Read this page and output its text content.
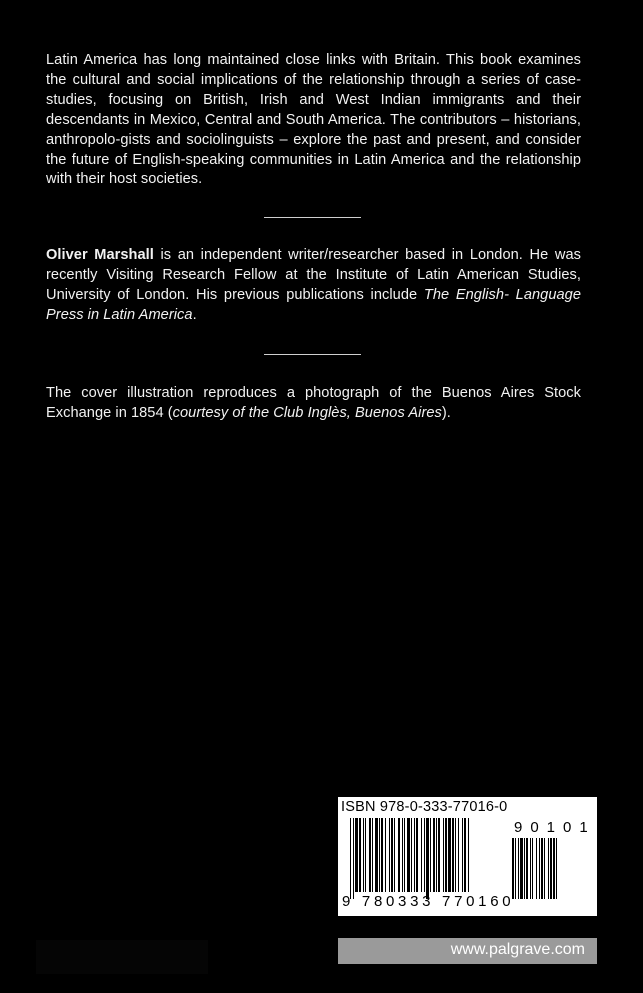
Latin America has long maintained close links with Britain. This book examines the cultural and social implications of the relationship through a series of case-studies, focusing on British, Irish and West Indian immigrants and their descendants in Mexico, Central and South America. The contributors – historians, anthropolo-gists and sociolinguists – explore the past and present, and consider the future of English-speaking communities in Latin America and the relationship with their host societies.
Oliver Marshall is an independent writer/researcher based in London. He was recently Visiting Research Fellow at the Institute of Latin American Studies, University of London. His previous publications include The English- Language Press in Latin America.
The cover illustration reproduces a photograph of the Buenos Aires Stock Exchange in 1854 (courtesy of the Club Inglès, Buenos Aires).
ISBN 978-0-333-77016-0
90101
9 780333 770160
www.palgrave.com
